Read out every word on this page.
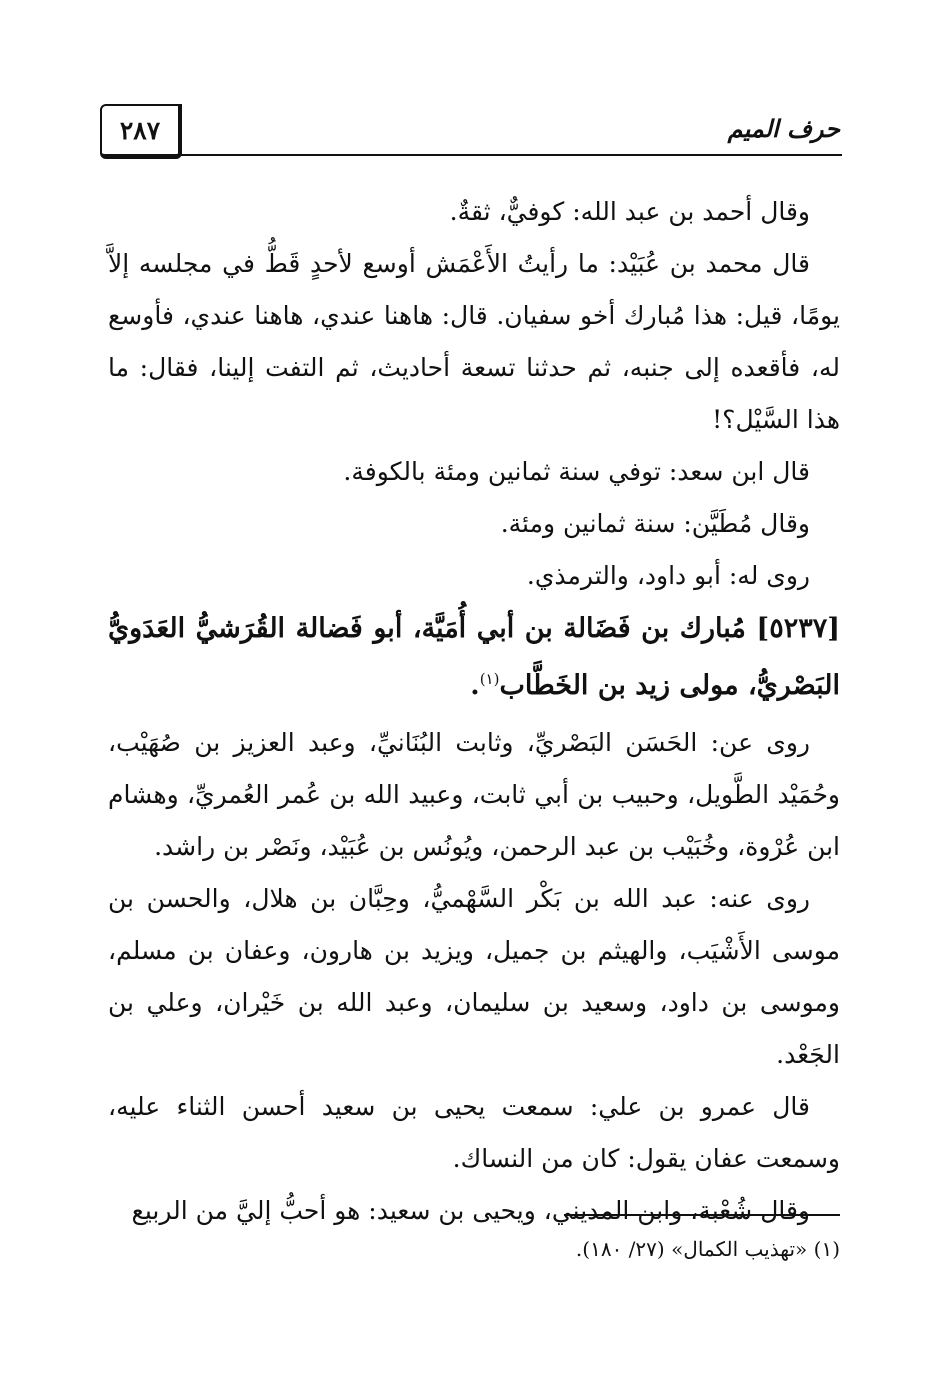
٢٨٧	حرف الميم

وقال أحمد بن عبد الله: كوفيٌّ، ثقةٌ.

قال محمد بن عُبَيْد: ما رأيتُ الأَعْمَش أوسع لأحدٍ قَطُّ في مجلسه إلاَّ يومًا، قيل: هذا مُبارك أخو سفيان. قال: هاهنا عندي، هاهنا عندي، فأوسع له، فأقعده إلى جنبه، ثم حدثنا تسعة أحاديث، ثم التفت إلينا، فقال: ما هذا السَّيْل؟!

قال ابن سعد: توفي سنة ثمانين ومئة بالكوفة.

وقال مُطَيَّن: سنة ثمانين ومئة.

روى له: أبو داود، والترمذي.

[٥٢٣٧] مُبارك بن فَضَالة بن أبي أُمَيَّة، أبو فَضالة القُرَشيُّ العَدَويُّ البَصْريُّ، مولى زيد بن الخَطَّاب$^{(١)}$.

روى عن: الحَسَن البَصْريِّ، وثابت البُنَانيِّ، وعبد العزيز بن صُهَيْب، وحُمَيْد الطَّويل، وحبيب بن أبي ثابت، وعبيد الله بن عُمر العُمريِّ، وهشام ابن عُرْوة، وخُبَيْب بن عبد الرحمن، ويُونُس بن عُبَيْد، ونَصْر بن راشد.

روى عنه: عبد الله بن بَكْر السَّهْميُّ، وحِبَّان بن هلال، والحسن بن موسى الأَشْيَب، والهيثم بن جميل، ويزيد بن هارون، وعفان بن مسلم، وموسى بن داود، وسعيد بن سليمان، وعبد الله بن خَيْران، وعلي بن الجَعْد.

قال عمرو بن علي: سمعت يحيى بن سعيد أحسن الثناء عليه، وسمعت عفان يقول: كان من النساك.

وقال شُعْبة، وابن المديني، ويحيى بن سعيد: هو أحبُّ إليَّ من الربيع

(١) «تهذيب الكمال» (٢٧/ ١٨٠).
